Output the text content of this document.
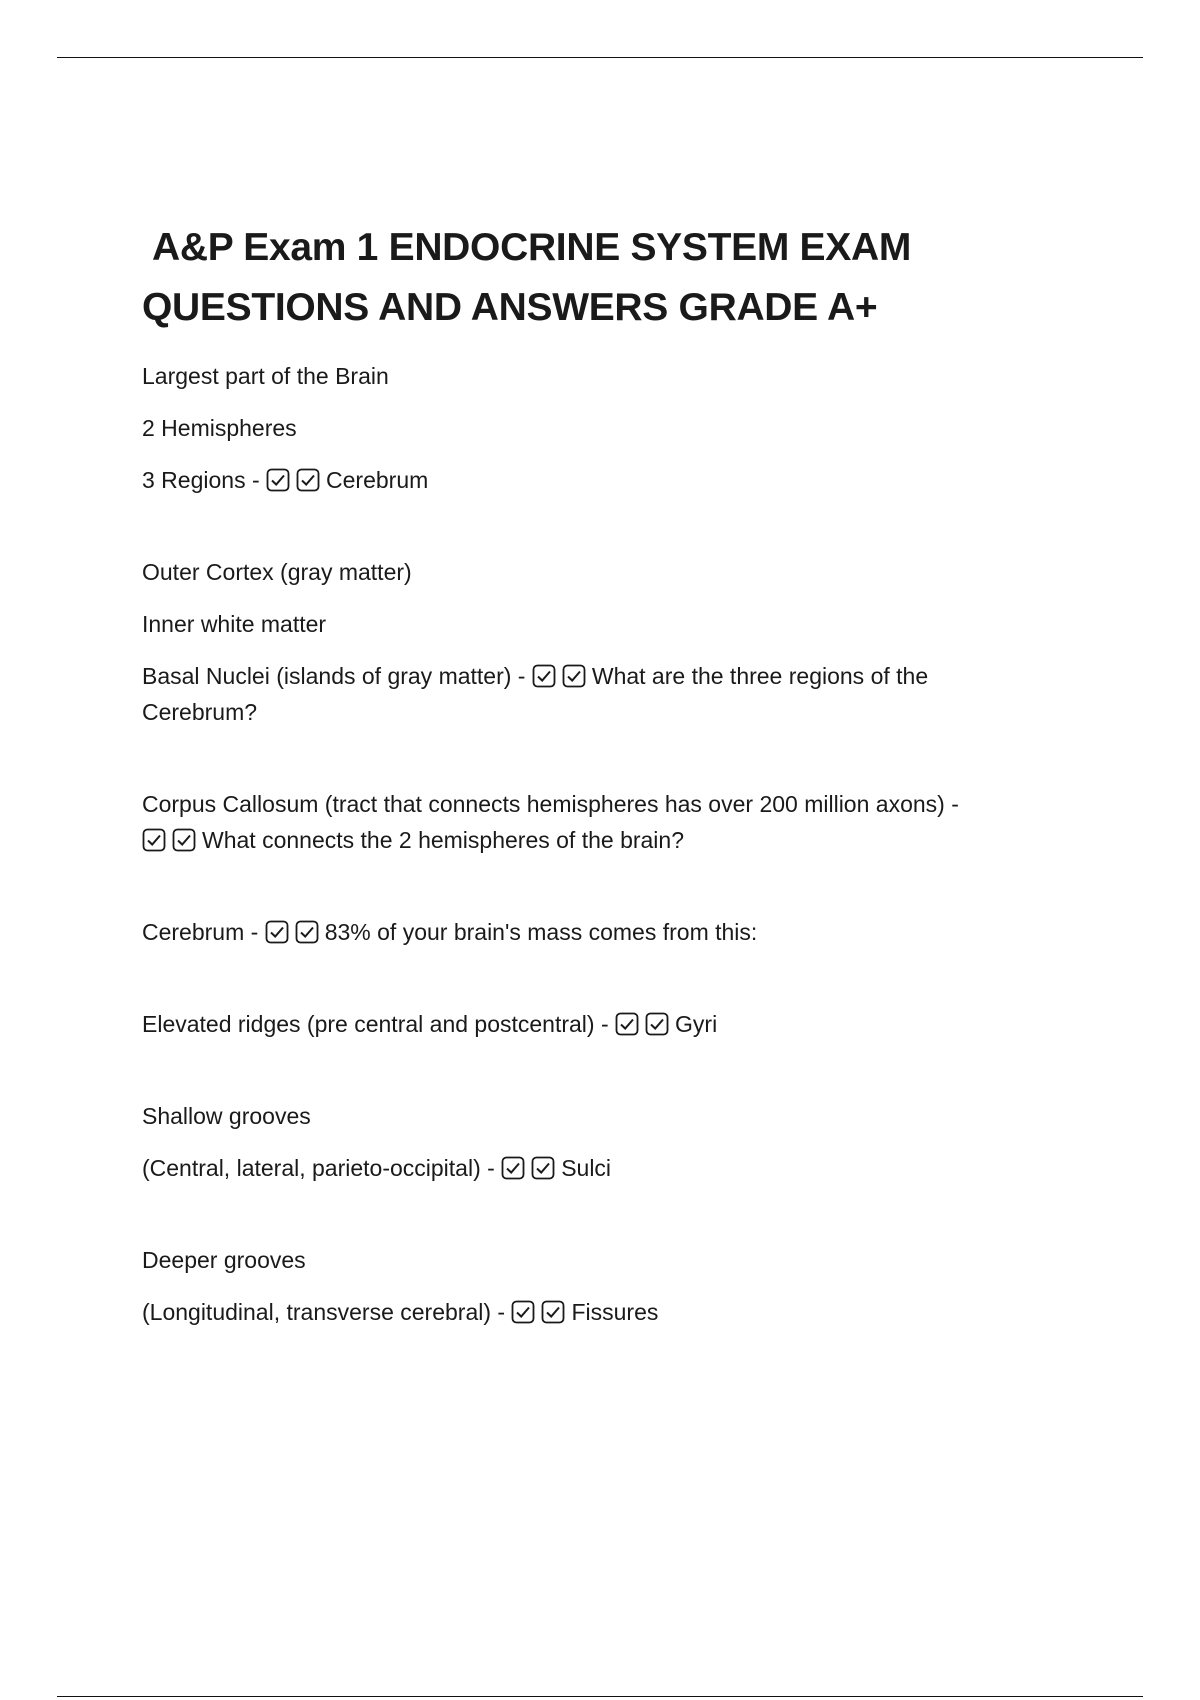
A&P Exam 1 ENDOCRINE SYSTEM EXAM
QUESTIONS AND ANSWERS GRADE A+

Largest part of the Brain

2 Hemispheres

3 Regions -	Cerebrum

Outer Cortex (gray matter)

Inner white matter

Basal Nuclei (islands of gray matter) -	What are the three regions of the
Cerebrum?

Corpus Callosum (tract that connects hemispheres has over 200 million axons) -

What connects the 2 hemispheres of the brain?

Cerebrum -	83% of your brain's mass comes from this:

Elevated ridges (pre central and postcentral) -	Gyri

Shallow grooves

(Central, lateral, parieto-occipital) -	Sulci

Deeper grooves

(Longitudinal, transverse cerebral) -	Fissures
